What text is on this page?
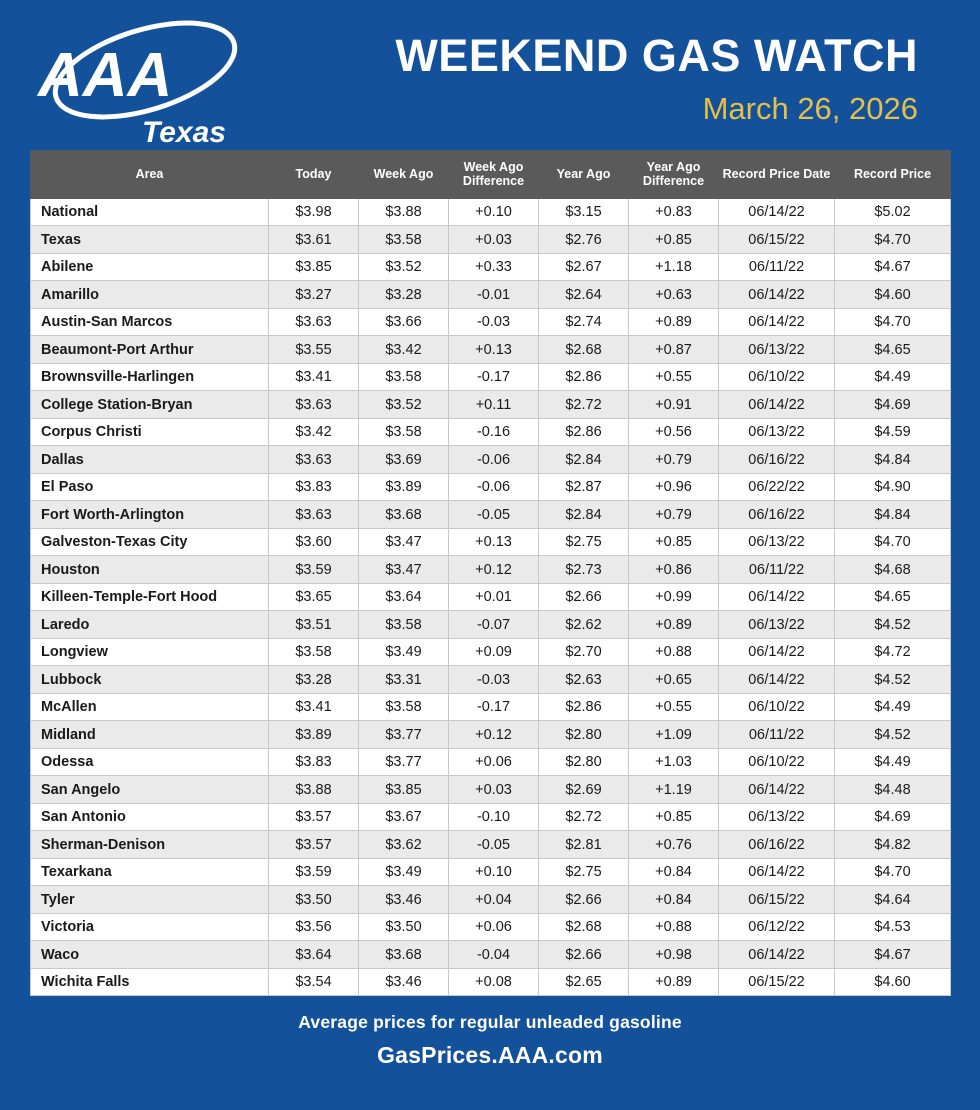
AAA
Texas
WEEKEND GAS WATCH
March 26, 2026
Area	Today	Week Ago	Week Ago Difference	Year Ago	Year Ago Difference	Record Price Date	Record Price
National	$3.98	$3.88	+0.10	$3.15	+0.83	06/14/22	$5.02
Texas	$3.61	$3.58	+0.03	$2.76	+0.85	06/15/22	$4.70
Abilene	$3.85	$3.52	+0.33	$2.67	+1.18	06/11/22	$4.67
Amarillo	$3.27	$3.28	-0.01	$2.64	+0.63	06/14/22	$4.60
Austin-San Marcos	$3.63	$3.66	-0.03	$2.74	+0.89	06/14/22	$4.70
Beaumont-Port Arthur	$3.55	$3.42	+0.13	$2.68	+0.87	06/13/22	$4.65
Brownsville-Harlingen	$3.41	$3.58	-0.17	$2.86	+0.55	06/10/22	$4.49
College Station-Bryan	$3.63	$3.52	+0.11	$2.72	+0.91	06/14/22	$4.69
Corpus Christi	$3.42	$3.58	-0.16	$2.86	+0.56	06/13/22	$4.59
Dallas	$3.63	$3.69	-0.06	$2.84	+0.79	06/16/22	$4.84
El Paso	$3.83	$3.89	-0.06	$2.87	+0.96	06/22/22	$4.90
Fort Worth-Arlington	$3.63	$3.68	-0.05	$2.84	+0.79	06/16/22	$4.84
Galveston-Texas City	$3.60	$3.47	+0.13	$2.75	+0.85	06/13/22	$4.70
Houston	$3.59	$3.47	+0.12	$2.73	+0.86	06/11/22	$4.68
Killeen-Temple-Fort Hood	$3.65	$3.64	+0.01	$2.66	+0.99	06/14/22	$4.65
Laredo	$3.51	$3.58	-0.07	$2.62	+0.89	06/13/22	$4.52
Longview	$3.58	$3.49	+0.09	$2.70	+0.88	06/14/22	$4.72
Lubbock	$3.28	$3.31	-0.03	$2.63	+0.65	06/14/22	$4.52
McAllen	$3.41	$3.58	-0.17	$2.86	+0.55	06/10/22	$4.49
Midland	$3.89	$3.77	+0.12	$2.80	+1.09	06/11/22	$4.52
Odessa	$3.83	$3.77	+0.06	$2.80	+1.03	06/10/22	$4.49
San Angelo	$3.88	$3.85	+0.03	$2.69	+1.19	06/14/22	$4.48
San Antonio	$3.57	$3.67	-0.10	$2.72	+0.85	06/13/22	$4.69
Sherman-Denison	$3.57	$3.62	-0.05	$2.81	+0.76	06/16/22	$4.82
Texarkana	$3.59	$3.49	+0.10	$2.75	+0.84	06/14/22	$4.70
Tyler	$3.50	$3.46	+0.04	$2.66	+0.84	06/15/22	$4.64
Victoria	$3.56	$3.50	+0.06	$2.68	+0.88	06/12/22	$4.53
Waco	$3.64	$3.68	-0.04	$2.66	+0.98	06/14/22	$4.67
Wichita Falls	$3.54	$3.46	+0.08	$2.65	+0.89	06/15/22	$4.60
Average prices for regular unleaded gasoline
GasPrices.AAA.com
